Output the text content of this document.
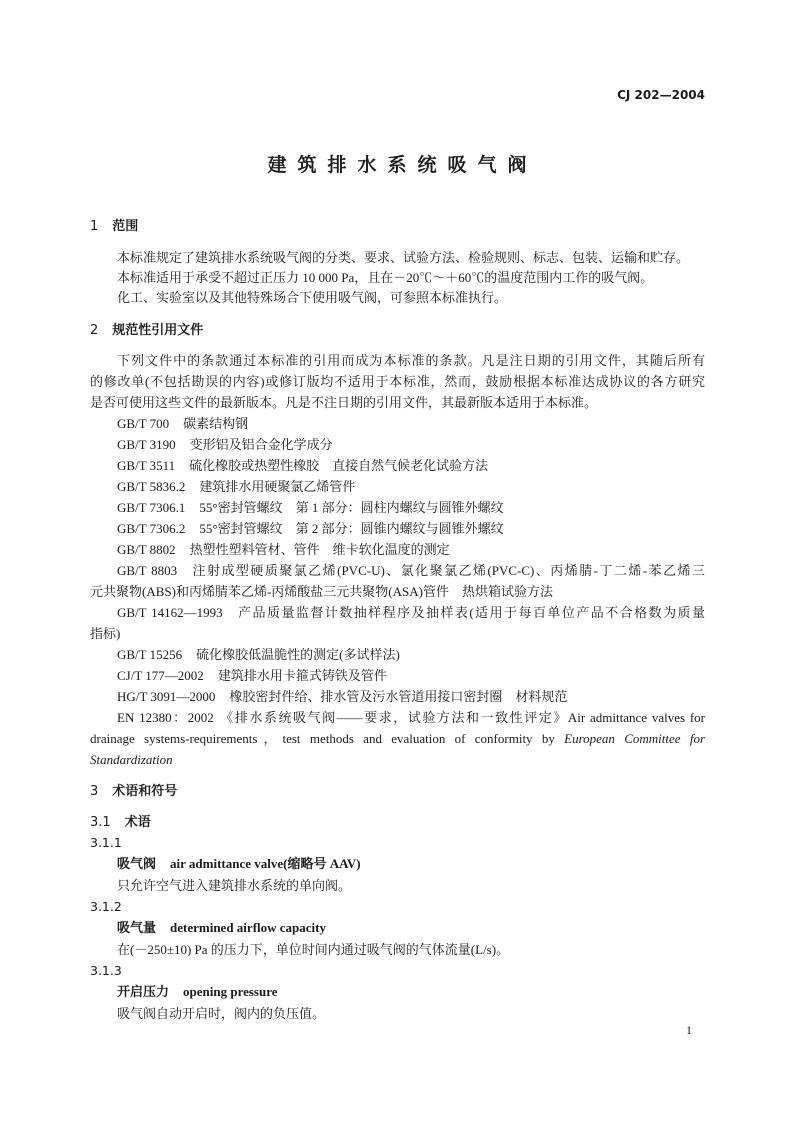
CJ 202—2004
建筑排水系统吸气阀
1 范围
本标准规定了建筑排水系统吸气阀的分类、要求、试验方法、检验规则、标志、包装、运输和贮存。
本标准适用于承受不超过正压力 10 000 Pa，且在－20℃～＋60℃的温度范围内工作的吸气阀。
化工、实验室以及其他特殊场合下使用吸气阀，可参照本标准执行。
2 规范性引用文件
下列文件中的条款通过本标准的引用而成为本标准的条款。凡是注日期的引用文件，其随后所有
的修改单(不包括勘误的内容)或修订版均不适用于本标准，然而，鼓励根据本标准达成协议的各方研究
是否可使用这些文件的最新版本。凡是不注日期的引用文件，其最新版本适用于本标准。
GB/T 700 碳素结构钢
GB/T 3190 变形铝及铝合金化学成分
GB/T 3511 硫化橡胶或热塑性橡胶　直接自然气候老化试验方法
GB/T 5836.2 建筑排水用硬聚氯乙烯管件
GB/T 7306.1 55°密封管螺纹　第 1 部分：圆柱内螺纹与圆锥外螺纹
GB/T 7306.2 55°密封管螺纹　第 2 部分：圆锥内螺纹与圆锥外螺纹
GB/T 8802 热塑性塑料管材、管件　维卡软化温度的测定
GB/T 8803 注射成型硬质聚氯乙烯(PVC-U)、氯化聚氯乙烯(PVC-C)、丙烯腈-丁二烯-苯乙烯三
元共聚物(ABS)和丙烯腈苯乙烯-丙烯酸盐三元共聚物(ASA)管件　热烘箱试验方法
GB/T 14162—1993 产品质量监督计数抽样程序及抽样表(适用于每百单位产品不合格数为质量
指标)
GB/T 15256 硫化橡胶低温脆性的测定(多试样法)
CJ/T 177—2002 建筑排水用卡箍式铸铁及管件
HG/T 3091—2000 橡胶密封件给、排水管及污水管道用接口密封圈　材料规范
EN 12380：2002 《排水系统吸气阀——要求，试验方法和一致性评定》Air admittance valves for
drainage systems-requirements，test methods and evaluation of conformity by European Committee for
Standardization
3 术语和符号
3.1 术语
3.1.1
吸气阀 air admittance valve(缩略号 AAV)
只允许空气进入建筑排水系统的单向阀。
3.1.2
吸气量 determined airflow capacity
在(－250±10) Pa 的压力下，单位时间内通过吸气阀的气体流量(L/s)。
3.1.3
开启压力 opening pressure
吸气阀自动开启时，阀内的负压值。
1
